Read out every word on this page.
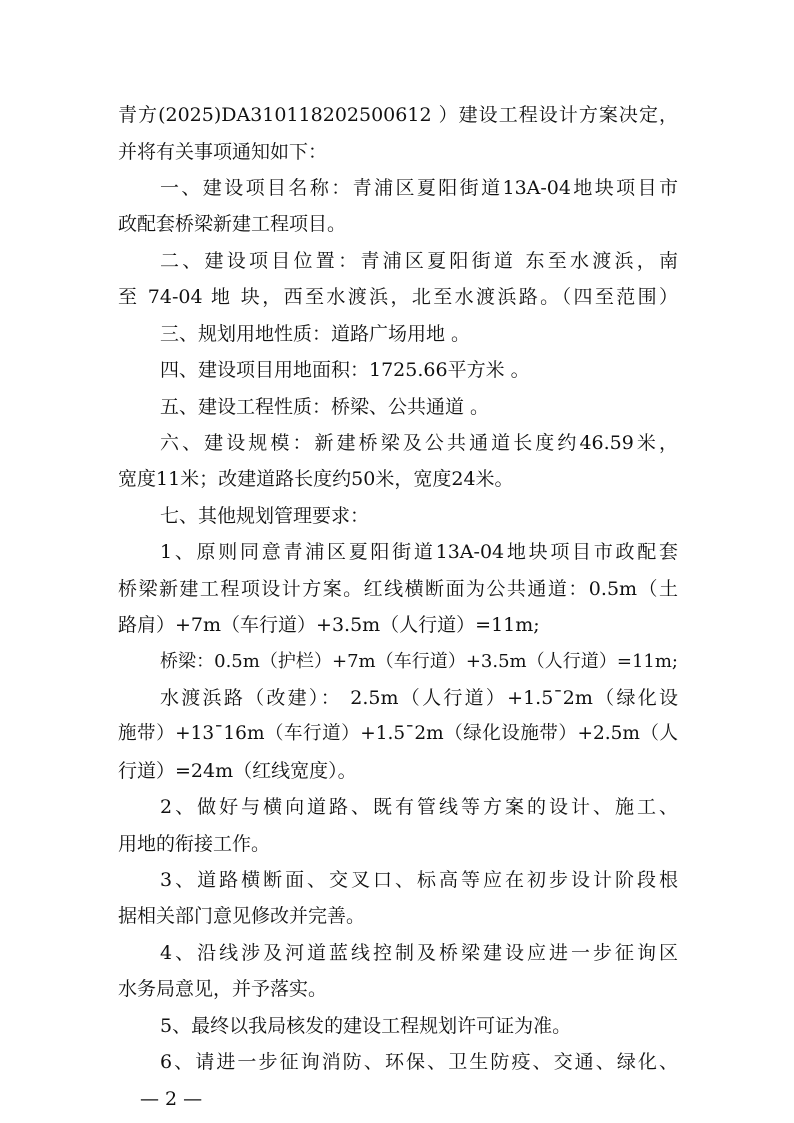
青方(2025)DA310118202500612 ）建设工程设计方案决定，
并将有关事项通知如下：
一、建设项目名称：青浦区夏阳街道13A-04地块项目市
政配套桥梁新建工程项目。
二、建设项目位置：青浦区夏阳街道 东至水渡浜，南
至 74-04 地 块，西至水渡浜，北至水渡浜路。（四至范围）
三、规划用地性质：道路广场用地 。
四、建设项目用地面积：1725.66平方米 。
五、建设工程性质：桥梁、公共通道 。
六、建设规模：新建桥梁及公共通道长度约46.59米，
宽度11米；改建道路长度约50米，宽度24米。
七、其他规划管理要求：
1、原则同意青浦区夏阳街道13A-04地块项目市政配套
桥梁新建工程项设计方案。红线横断面为公共通道：0.5m（土
路肩）+7m（车行道）+3.5m（人行道）=11m;
桥梁：0.5m（护栏）+7m（车行道）+3.5m（人行道）=11m;
水渡浜路（改建）： 2.5m（人行道）+1.5¯2m（绿化设
施带）+13¯16m（车行道）+1.5¯2m（绿化设施带）+2.5m（人
行道）=24m（红线宽度）。
2、做好与横向道路、既有管线等方案的设计、施工、
用地的衔接工作。
3、道路横断面、交叉口、标高等应在初步设计阶段根
据相关部门意见修改并完善。
4、沿线涉及河道蓝线控制及桥梁建设应进一步征询区
水务局意见，并予落实。
5、最终以我局核发的建设工程规划许可证为准。
6、请进一步征询消防、环保、卫生防疫、交通、绿化、
— 2 —
